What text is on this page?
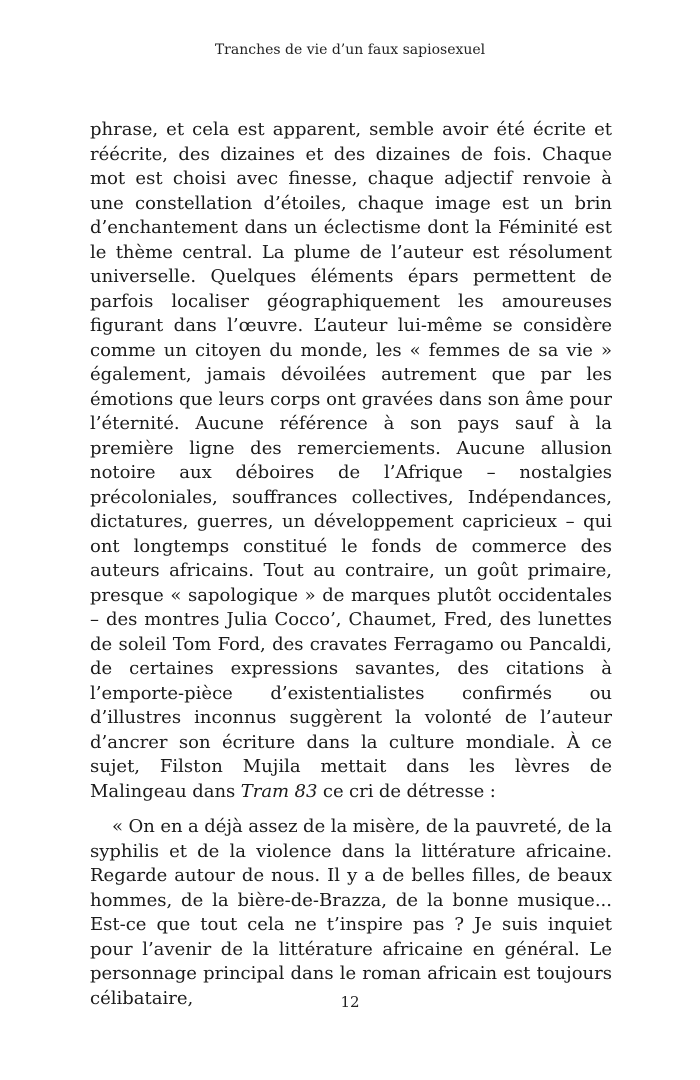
Tranches de vie d’un faux sapiosexuel

phrase, et cela est apparent, semble avoir été écrite et réécrite, des dizaines et des dizaines de fois. Chaque mot est choisi avec finesse, chaque adjectif renvoie à une constellation d’étoiles, chaque image est un brin d’enchantement dans un éclectisme dont la Féminité est le thème central. La plume de l’auteur est résolument universelle. Quelques éléments épars permettent de parfois localiser géographiquement les amoureuses figurant dans l’œuvre. L’auteur lui-même se considère comme un citoyen du monde, les « femmes de sa vie » également, jamais dévoilées autrement que par les émotions que leurs corps ont gravées dans son âme pour l’éternité. Aucune référence à son pays sauf à la première ligne des remerciements. Aucune allusion notoire aux déboires de l’Afrique – nostalgies précoloniales, souffrances collectives, Indépendances, dictatures, guerres, un développement capricieux – qui ont longtemps constitué le fonds de commerce des auteurs africains. Tout au contraire, un goût primaire, presque « sapologique » de marques plutôt occidentales – des montres Julia Cocco’, Chaumet, Fred, des lunettes de soleil Tom Ford, des cravates Ferragamo ou Pancaldi, de certaines expressions savantes, des citations à l’emporte-pièce d’existentialistes confirmés ou d’illustres inconnus suggèrent la volonté de l’auteur d’ancrer son écriture dans la culture mondiale. À ce sujet, Filston Mujila mettait dans les lèvres de Malingeau dans Tram 83 ce cri de détresse :

« On en a déjà assez de la misère, de la pauvreté, de la syphilis et de la violence dans la littérature africaine. Regarde autour de nous. Il y a de belles filles, de beaux hommes, de la bière-de-Brazza, de la bonne musique... Est-ce que tout cela ne t’inspire pas ? Je suis inquiet pour l’avenir de la littérature africaine en général. Le personnage principal dans le roman africain est toujours célibataire,	12
